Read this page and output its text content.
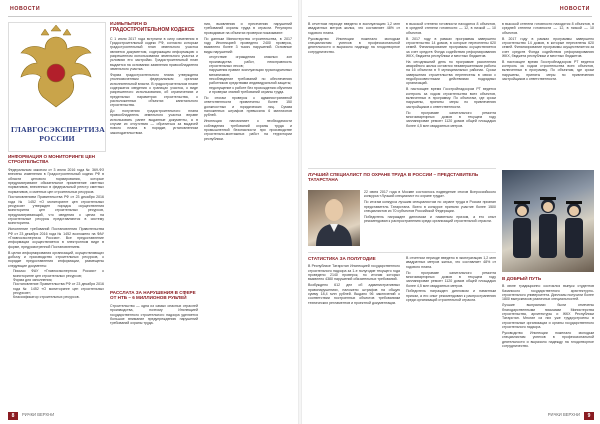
НОВОСТИ
ГЛАВГОСЭКСПЕРТИЗА РОССИИ
ИНФОРМАЦИЯ О МОНИТОРИНГЕ ЦЕН СТРОИТЕЛЬСТВА

Федеральным законом от 3 июля 2016 года № 369-ФЗ внесены изменения в Градостроительный кодекс РФ в области ценового нормирования, которые предусматривают обязательное применение сметных нормативов, внесенных в федеральный реестр сметных нормативов, и сметных цен строительных ресурсов.

Постановлением Правительства РФ от 23 декабря 2016 года № 1452 «О мониторинге цен строительных ресурсов» утвержден порядок осуществления мониторинга цен строительных ресурсов, предусматривающий, что сведения о ценах на строительные ресурсы представляются в систему мониторинга.

Исполнение требований Постановления Правительства РФ от 23 декабря 2016 года № 1452 возложено на ФАУ «Главгосэкспертиза России». Все предоставление информации осуществляется в электронном виде в форме, предусмотренной Постановлением.

В целях информирования организаций, осуществляющих добычу и производство строительных ресурсов, о порядке предоставления информации, размещены следующие документы:

• Письмо ФАУ «Главгосэкспертиза России» о мониторинге цен строительных ресурсов;
• Форма для заполнения;
• Постановление Правительства РФ от 23 декабря 2016 года № 1452 «О мониторинге цен строительных ресурсов»;
• Классификатор строительных ресурсов.
ИЗМЕНЕНИЯ В ГРАДОСТРОИТЕЛЬНОМ КОДЕКСЕ

С 1 июля 2017 года вступили в силу изменения в Градостроительный кодекс РФ, согласно которым градостроительный план земельного участка является документом, содержащим информацию о разрешенном использовании земельного участка и условиях его застройки. Градостроительный план выдается на основании заявления правообладателя земельного участка.

Форма градостроительного плана утверждена уполномоченным федеральным органом исполнительной власти. В градостроительном плане содержатся сведения о границах участка, о виде разрешенного использования, об ограничениях и предельных параметрах строительства, о расположенных объектах капитального строительства.

До получения градостроительного плана правообладатель земельного участка вправе использовать ранее выданные документы, а в случае их отсутствия — обратиться за выдачей нового плана в порядке, установленном законодательством.

РАССЛАТА ЗА НАРУШЕНИЯ В СФЕРЕ ОТ НТБ – 6 МИЛЛИОНОВ РУБЛЕЙ

Строительство — одна из самых опасных отраслей производства, поэтому Инспекцией государственного строительного надзора уделяется большое внимание предупреждению нарушений требований охраны труда.

ния, выявлению и пресечению нарушений требований охраны труда в отрасли. Регулярно проводимые на объектах проверки показывают:

По данным Министерства строительства, в 2017 году Инспекцией проведено 2400 проверок, выявлено более 3 тысяч нарушений. Основные виды нарушений:

• отсутствие ограждения опасных зон производства работ, неисправность строительных лесов;
• нарушения правил эксплуатации грузоподъемных механизмов;
• несоблюдение требований по обеспечению работников средствами индивидуальной защиты;
• недопущение к работе без прохождения обучения и проверки знаний требований охраны труда.

По итогам проверок к административной ответственности привлечены более 150 должностных и юридических лиц. Сумма наложенных штрафов превысила 6 миллионов рублей.

Инспекция напоминает о необходимости соблюдения требований охраны труда и промышленной безопасности при производстве строительно-монтажных работ на территории республики.

8	РИЧКИ ВЕРХНИ
НОВОСТИ

в высокой степени готовности находятся 8 объектов, в средней степени готовности — 12, в низкой — 10 объектов.

В 2017 году в рамках программы завершено строительство 14 домов, в которые переселены 620 семей. Финансирование программы осуществляется за счет средств Фонда содействия реформированию ЖКХ, бюджета республики и местных бюджетов.

На сегодняшний день по программе расселения аварийного жилья остаются незавершенными работы на 16 объектах в 9 муниципальных районах. Сроки завершения строительства перенесены в связи с недобросовестными действиями подрядных организаций.

В настоящее время Госстройнадзором РТ ведется контроль за ходом строительства всех объектов, включенных в программу. По объектам, где сроки нарушены, приняты меры по привлечению застройщиков к ответственности.

По программе капитального ремонта многоквартирных домов в текущем году запланирован ремонт 1120 домов общей площадью более 4,5 млн квадратных метров.

В отчетном периоде введено в эксплуатацию 1,2 млн квадратных метров жилья, что составляет 48% от годового плана.

Руководство Инспекции пожелало молодым специалистам успехов в профессиональной деятельности и выразило надежду на плодотворное сотрудничество.

в высокой степени готовности находятся 8 объектов, в средней степени готовности — 12, в низкой — 10 объектов.

В 2017 году в рамках программы завершено строительство 14 домов, в которые переселены 620 семей. Финансирование программы осуществляется за счет средств Фонда содействия реформированию ЖКХ, бюджета республики и местных бюджетов.

В настоящее время Госстройнадзором РТ ведется контроль за ходом строительства всех объектов, включенных в программу. По объектам, где сроки нарушены, приняты меры по привлечению застройщиков к ответственности.

ЛУЧШИЙ СПЕЦИАЛИСТ ПО ОХРАНЕ ТРУДА В РОССИИ – ПРЕДСТАВИТЕЛЬ ТАТАРСТАНА

22 июня 2017 года в Москве состоялось подведение итогов Всероссийского конкурса «Лучший специалист по охране труда».

По итогам конкурса лучшим специалистом по охране труда в России признан представитель Татарстана. Всего в конкурсе приняли участие более 1500 специалистов из 70 субъектов Российской Федерации.

Победитель награжден дипломом и памятным призом, а его опыт рекомендован к распространению среди организаций строительной отрасли.

СТАТИСТИКА ЗА ПОЛУГОДИЕ

В Республике Татарстан Инспекцией государственного строительного надзора за 1-е полугодие текущего года проведено 2140 проверок, по итогам которых выявлено 4380 нарушений обязательных требований.

Возбуждено 612 дел об административных правонарушениях, наложено штрафов на общую сумму 18,4 млн рублей. Выдано 96 заключений о соответствии построенных объектов требованиям технических регламентов и проектной документации.

В отчетном периоде введено в эксплуатацию 1,2 млн квадратных метров жилья, что составляет 48% от годового плана.

По программе капитального ремонта многоквартирных домов в текущем году запланирован ремонт 1120 домов общей площадью более 4,5 млн квадратных метров.

Победитель награжден дипломом и памятным призом, а его опыт рекомендован к распространению среди организаций строительной отрасли.

В ДОБРЫЙ ПУТЬ

В июне традиционно состоялся выпуск студентов Казанского государственного архитектурно-строительного университета. Дипломы получили более 1800 выпускников различных специальностей.

Лучшие выпускники были отмечены благодарственными письмами Министерства строительства, архитектуры и ЖКХ Республики Татарстан. Многие из них уже трудоустроены в строительные организации и органы государственного строительного надзора.

Руководство Инспекции пожелало молодым специалистам успехов в профессиональной деятельности и выразило надежду на плодотворное сотрудничество.

РИЧКИ ВЕРХНИ	9
